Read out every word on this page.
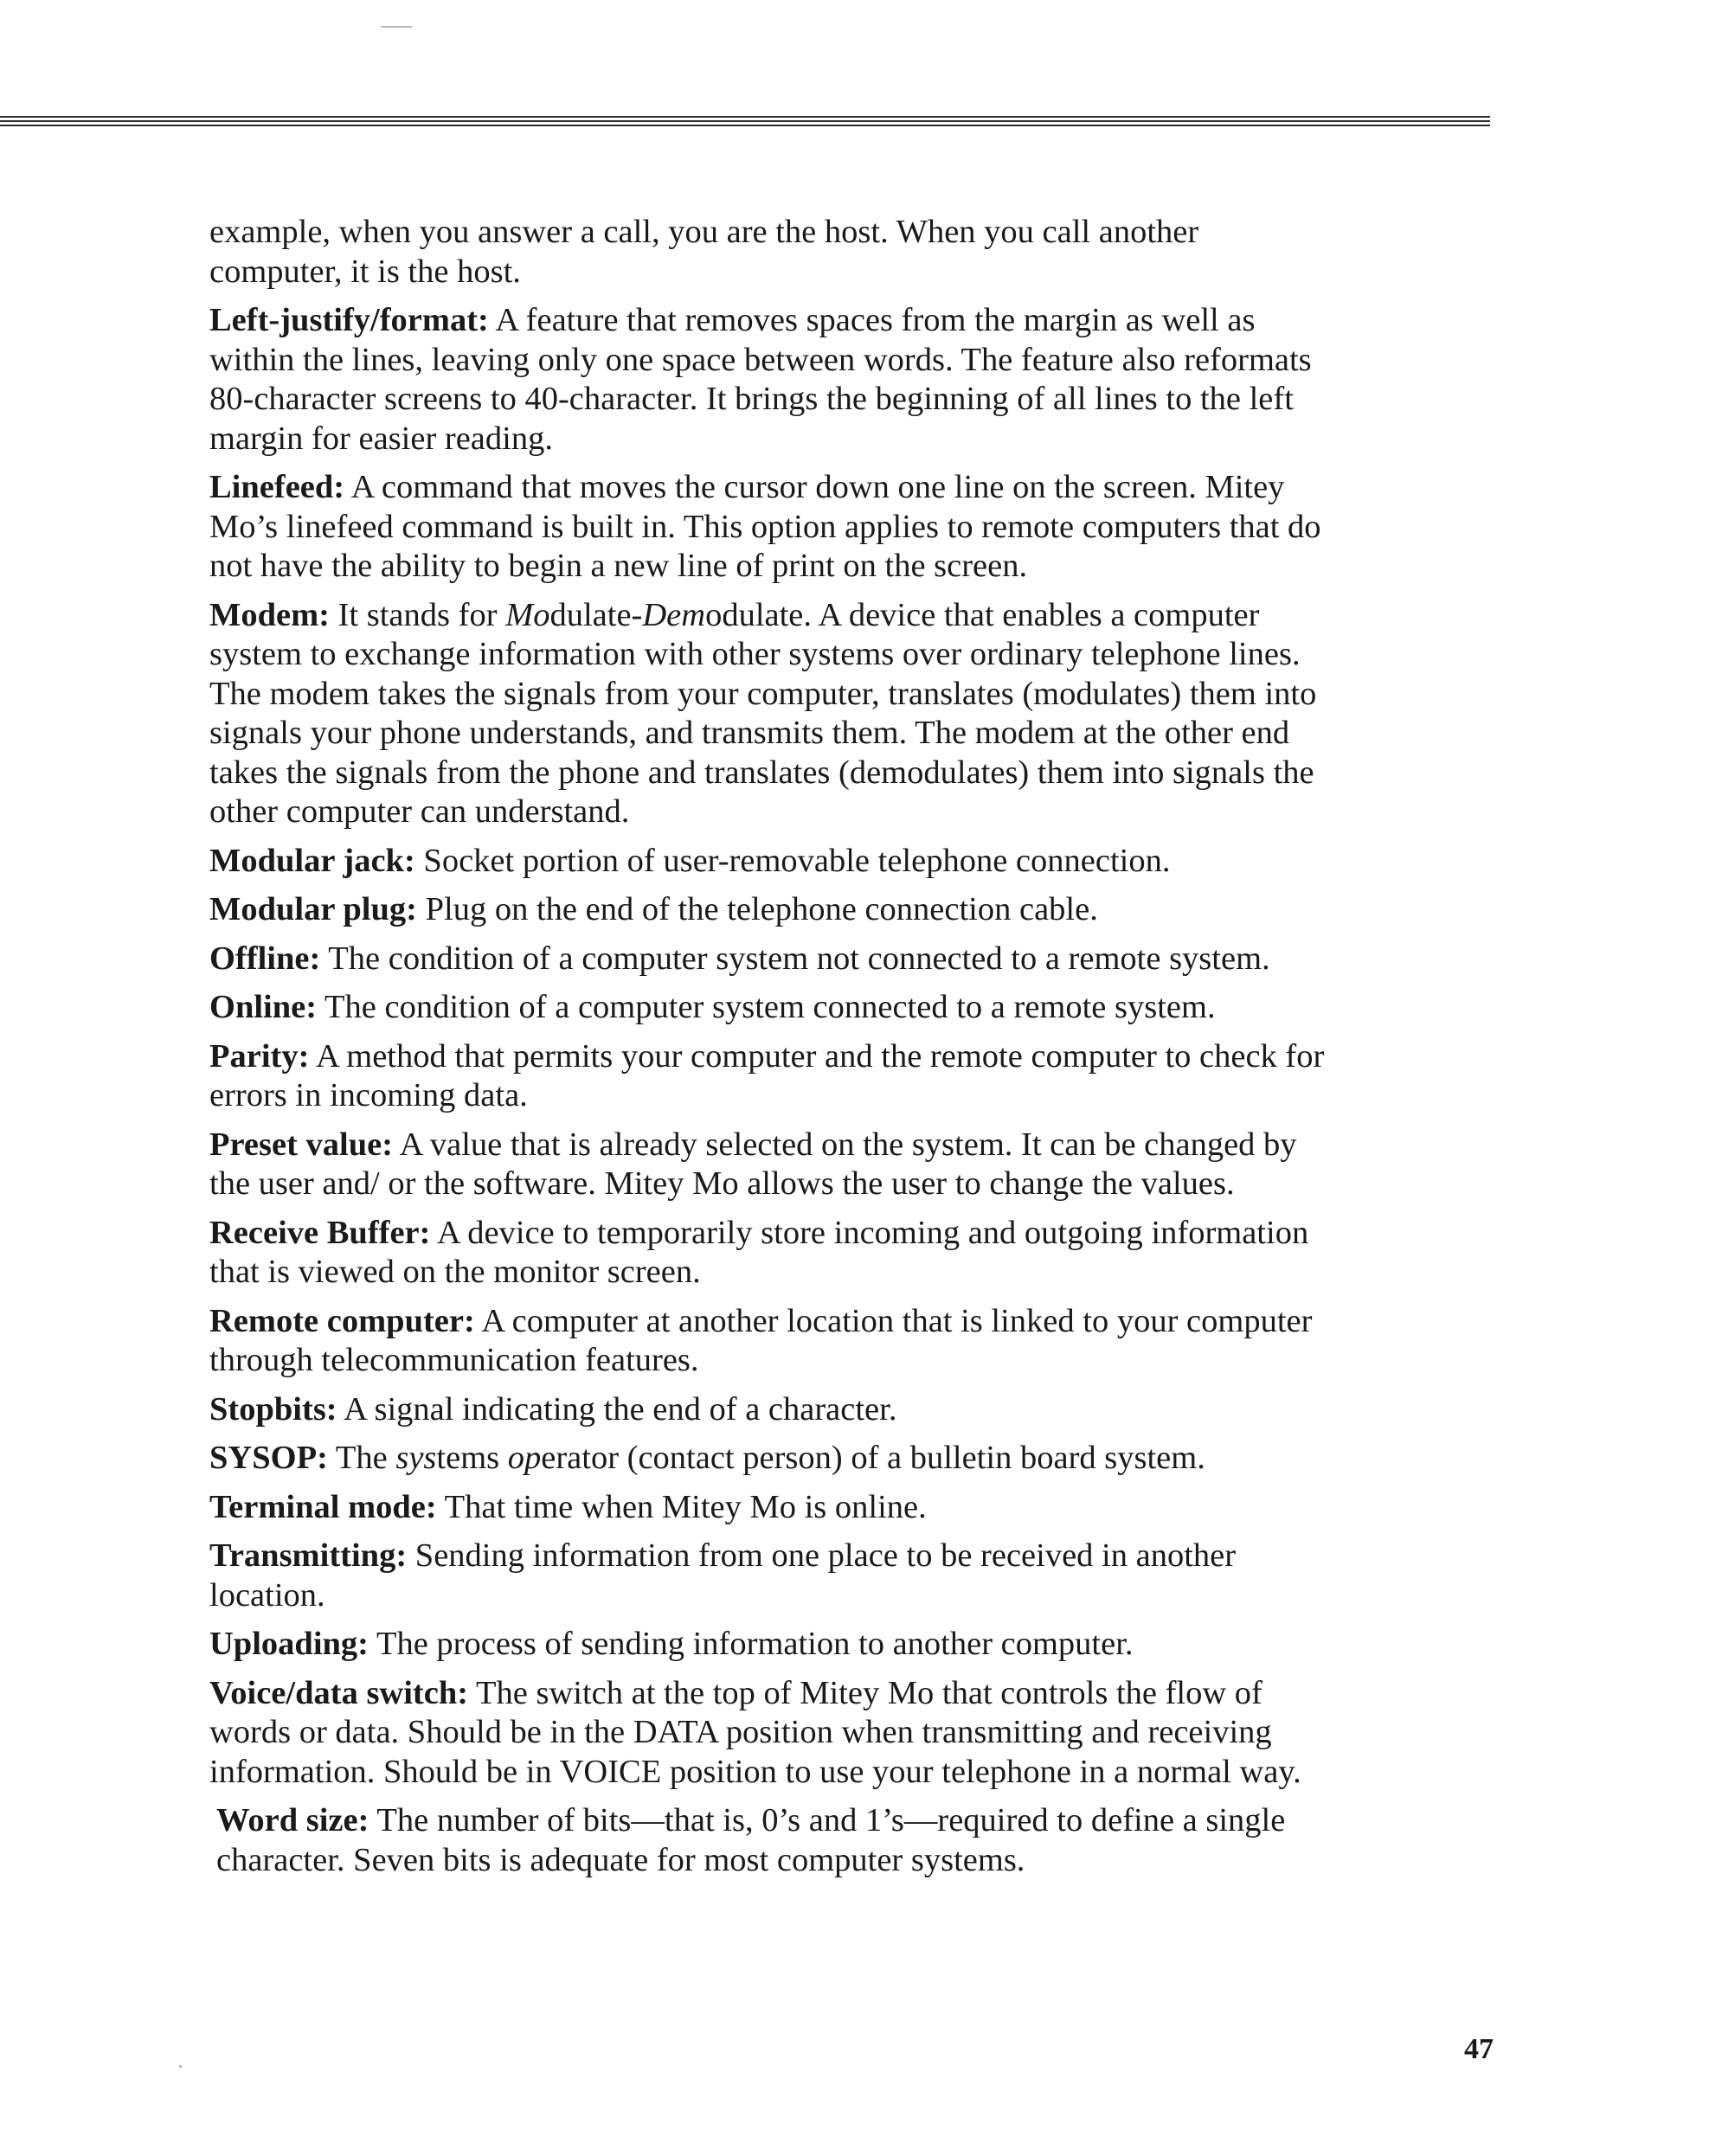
example, when you answer a call, you are the host. When you call another computer, it is the host.

Left-justify/format: A feature that removes spaces from the margin as well as within the lines, leaving only one space between words. The feature also reformats 80-character screens to 40-character. It brings the beginning of all lines to the left margin for easier reading.

Linefeed: A command that moves the cursor down one line on the screen. Mitey Mo’s linefeed command is built in. This option applies to remote computers that do not have the ability to begin a new line of print on the screen.

Modem: It stands for Modulate-Demodulate. A device that enables a computer system to exchange information with other systems over ordinary telephone lines. The modem takes the signals from your computer, translates (modulates) them into signals your phone understands, and transmits them. The modem at the other end takes the signals from the phone and translates (demodulates) them into signals the other computer can understand.

Modular jack: Socket portion of user-removable telephone connection.

Modular plug: Plug on the end of the telephone connection cable.

Offline: The condition of a computer system not connected to a remote system.

Online: The condition of a computer system connected to a remote system.

Parity: A method that permits your computer and the remote computer to check for errors in incoming data.

Preset value: A value that is already selected on the system. It can be changed by the user and/ or the software. Mitey Mo allows the user to change the values.

Receive Buffer: A device to temporarily store incoming and outgoing information that is viewed on the monitor screen.

Remote computer: A computer at another location that is linked to your computer through telecommunication features.

Stopbits: A signal indicating the end of a character.

SYSOP: The systems operator (contact person) of a bulletin board system.

Terminal mode: That time when Mitey Mo is online.

Transmitting: Sending information from one place to be received in another location.

Uploading: The process of sending information to another computer.

Voice/data switch: The switch at the top of Mitey Mo that controls the flow of words or data. Should be in the DATA position when transmitting and receiving information. Should be in VOICE position to use your telephone in a normal way.

Word size: The number of bits—that is, 0’s and 1’s—required to define a single character. Seven bits is adequate for most computer systems.

47
